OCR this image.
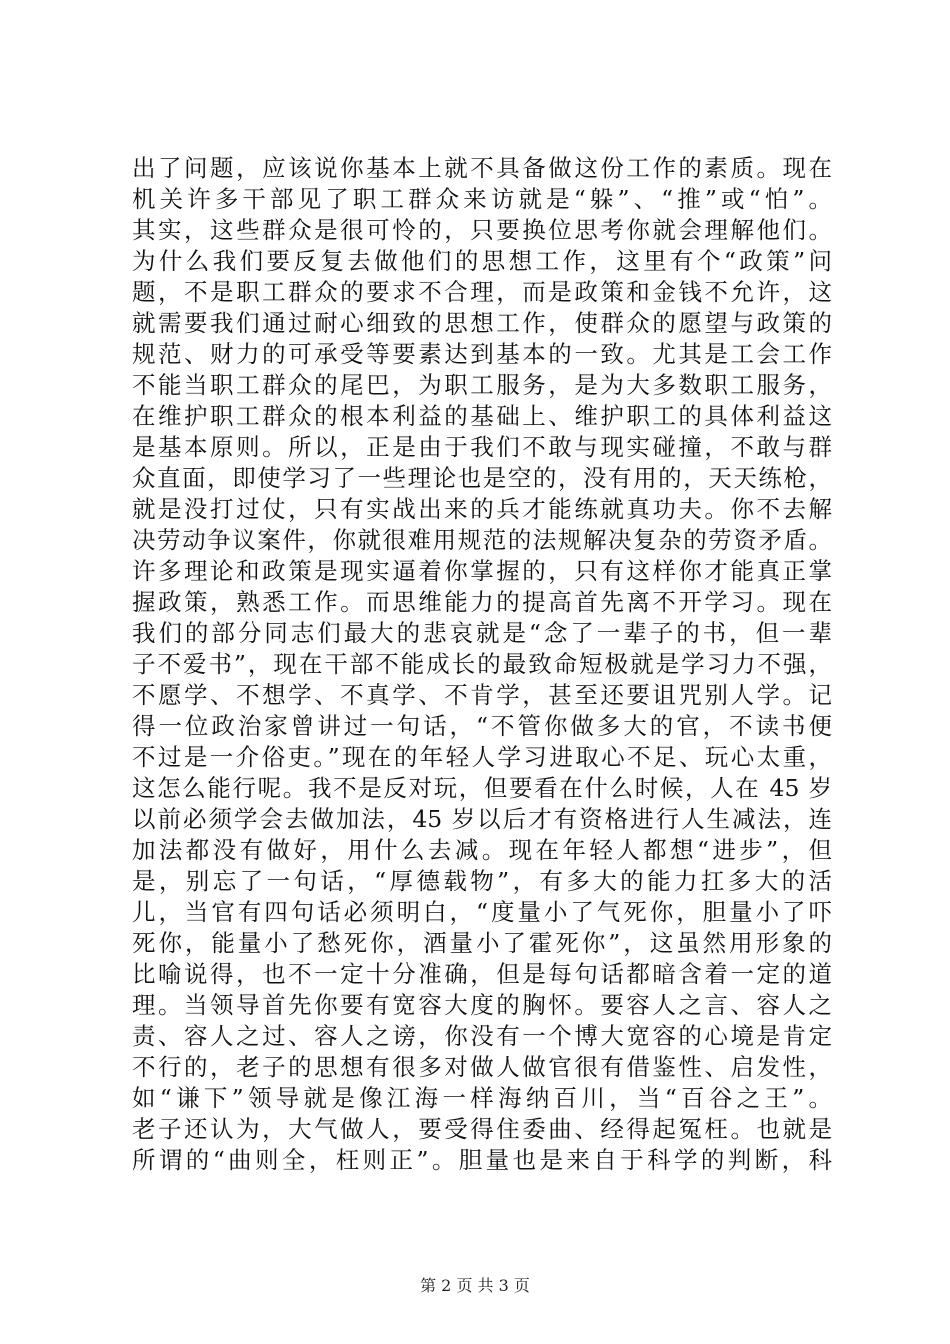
出了问题，应该说你基本上就不具备做这份工作的素质。现在
机关许多干部见了职工群众来访就是“躲”、“推”或“怕”。
其实，这些群众是很可怜的，只要换位思考你就会理解他们。
为什么我们要反复去做他们的思想工作，这里有个“政策”问
题，不是职工群众的要求不合理，而是政策和金钱不允许，这
就需要我们通过耐心细致的思想工作，使群众的愿望与政策的
规范、财力的可承受等要素达到基本的一致。尤其是工会工作
不能当职工群众的尾巴，为职工服务，是为大多数职工服务，
在维护职工群众的根本利益的基础上、维护职工的具体利益这
是基本原则。所以，正是由于我们不敢与现实碰撞，不敢与群
众直面，即使学习了一些理论也是空的，没有用的，天天练枪，
就是没打过仗，只有实战出来的兵才能练就真功夫。你不去解
决劳动争议案件，你就很难用规范的法规解决复杂的劳资矛盾。
许多理论和政策是现实逼着你掌握的，只有这样你才能真正掌
握政策，熟悉工作。而思维能力的提高首先离不开学习。现在
我们的部分同志们最大的悲哀就是“念了一辈子的书，但一辈
子不爱书”，现在干部不能成长的最致命短极就是学习力不强，
不愿学、不想学、不真学、不肯学，甚至还要诅咒别人学。记
得一位政治家曾讲过一句话，“不管你做多大的官，不读书便
不过是一介俗吏。”现在的年轻人学习进取心不足、玩心太重，
这怎么能行呢。我不是反对玩，但要看在什么时候，人在 45 岁
以前必须学会去做加法，45 岁以后才有资格进行人生减法，连
加法都没有做好，用什么去减。现在年轻人都想“进步”，但
是，别忘了一句话，“厚德载物”，有多大的能力扛多大的活
儿，当官有四句话必须明白，“度量小了气死你，胆量小了吓
死你，能量小了愁死你，酒量小了霍死你”，这虽然用形象的
比喻说得，也不一定十分准确，但是每句话都暗含着一定的道
理。当领导首先你要有宽容大度的胸怀。要容人之言、容人之
责、容人之过、容人之谤，你没有一个博大宽容的心境是肯定
不行的，老子的思想有很多对做人做官很有借鉴性、启发性，
如“谦下”领导就是像江海一样海纳百川，当“百谷之王”。
老子还认为，大气做人，要受得住委曲、经得起冤枉。也就是
所谓的“曲则全，枉则正”。胆量也是来自于科学的判断，科
第 2 页 共 3 页
